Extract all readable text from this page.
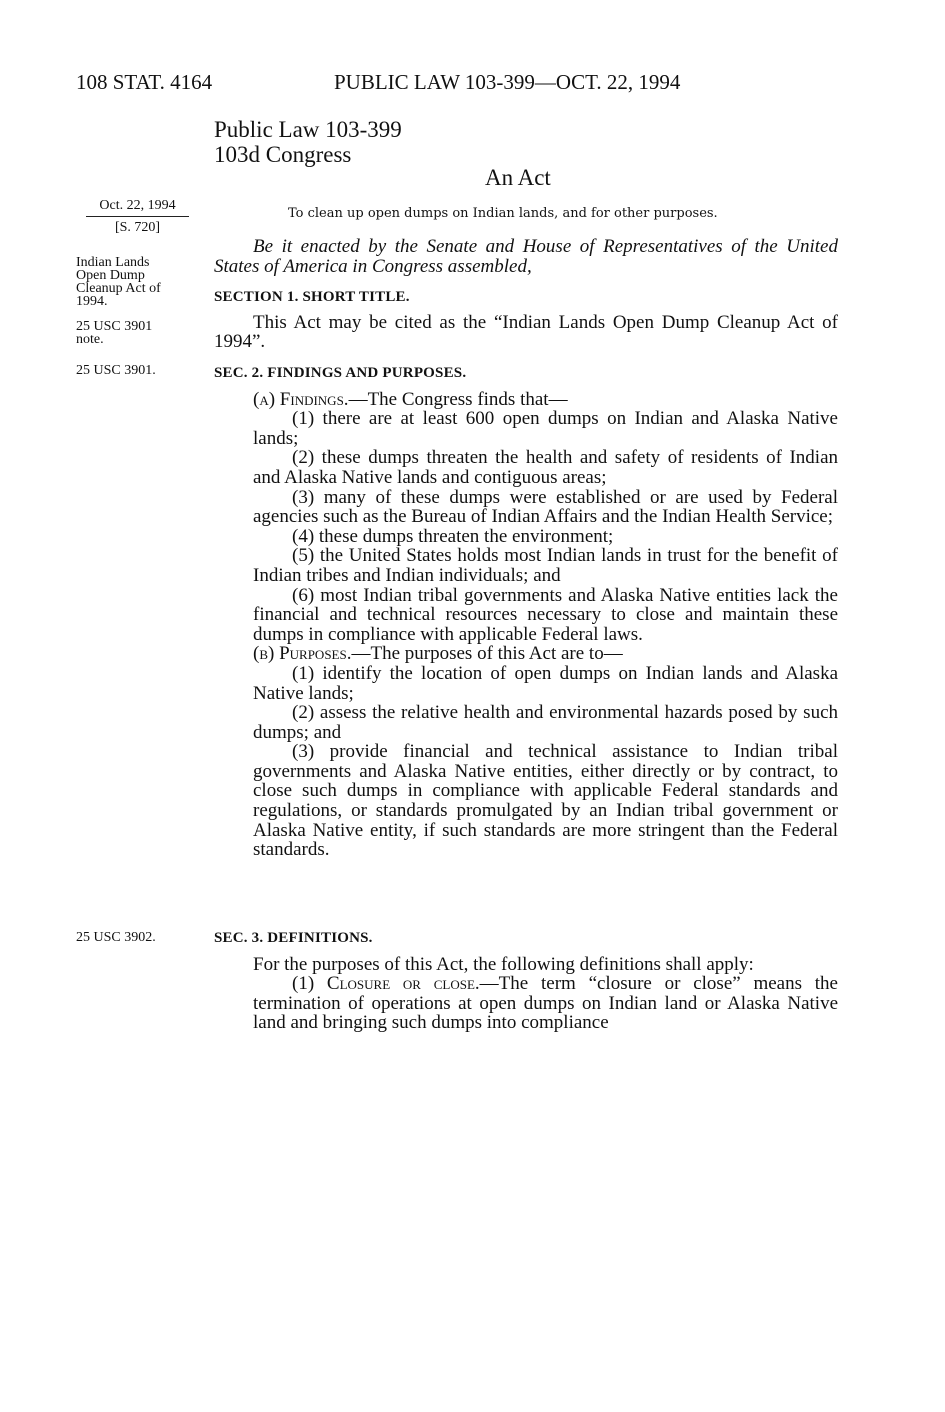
108 STAT. 4164	PUBLIC LAW 103-399—OCT. 22, 1994
Public Law 103-399
103d Congress
An Act
Oct. 22, 1994
[S. 720]
To clean up open dumps on Indian lands, and for other purposes.
Indian Lands
Open Dump
Cleanup Act of
1994.
25 USC 3901
note.
25 USC 3901.
25 USC 3902.

Be it enacted by the Senate and House of Representatives of the United States of America in Congress assembled,

SECTION 1. SHORT TITLE.

This Act may be cited as the “Indian Lands Open Dump Cleanup Act of 1994”.

SEC. 2. FINDINGS AND PURPOSES.
(a) Findings.—The Congress finds that—

(1) there are at least 600 open dumps on Indian and Alaska Native lands;

(2) these dumps threaten the health and safety of residents of Indian and Alaska Native lands and contiguous areas;

(3) many of these dumps were established or are used by Federal agencies such as the Bureau of Indian Affairs and the Indian Health Service;

(4) these dumps threaten the environment;

(5) the United States holds most Indian lands in trust for the benefit of Indian tribes and Indian individuals; and

(6) most Indian tribal governments and Alaska Native entities lack the financial and technical resources necessary to close and maintain these dumps in compliance with applicable Federal laws.

(b) Purposes.—The purposes of this Act are to—

(1) identify the location of open dumps on Indian lands and Alaska Native lands;

(2) assess the relative health and environmental hazards posed by such dumps; and

(3) provide financial and technical assistance to Indian tribal governments and Alaska Native entities, either directly or by contract, to close such dumps in compliance with applicable Federal standards and regulations, or standards promulgated by an Indian tribal government or Alaska Native entity, if such standards are more stringent than the Federal standards.

SEC. 3. DEFINITIONS.

For the purposes of this Act, the following definitions shall apply:

(1) Closure or close.—The term “closure or close” means the termination of operations at open dumps on Indian land or Alaska Native land and bringing such dumps into compliance
